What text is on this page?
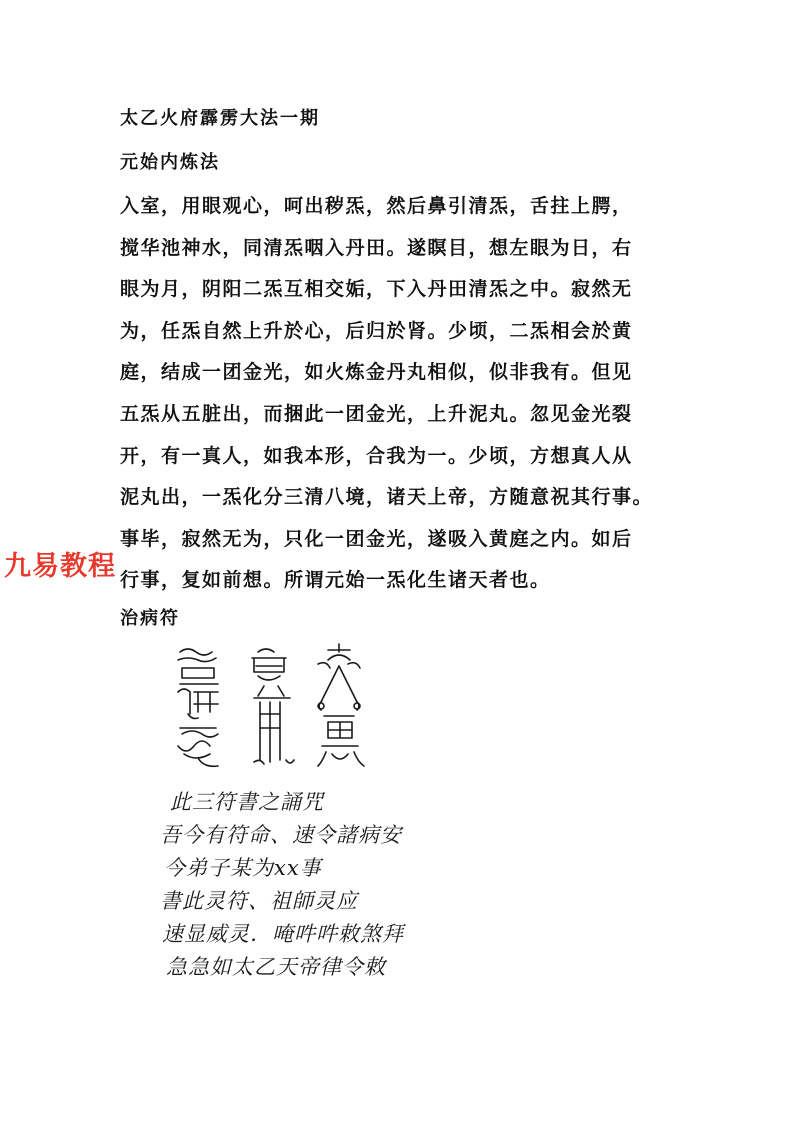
太乙火府霹雳大法一期
元始内炼法
入室，用眼观心，呵出秽炁，然后鼻引清炁，舌拄上腭，
搅华池神水，同清炁咽入丹田。遂瞑目，想左眼为日，右
眼为月，阴阳二炁互相交姤，下入丹田清炁之中。寂然无
为，任炁自然上升於心，后归於肾。少顷，二炁相会於黄
庭，结成一团金光，如火炼金丹丸相似，似非我有。但见
五炁从五脏出，而捆此一团金光，上升泥丸。忽见金光裂
开，有一真人，如我本形，合我为一。少顷，方想真人从
泥丸出，一炁化分三清八境，诸天上帝，方随意祝其行事。
事毕，寂然无为，只化一团金光，遂吸入黄庭之内。如后
行事，复如前想。所谓元始一炁化生诸天者也。
九易教程
治病符
此三符書之誦咒
吾今有符命、速令諸病安
今弟子某为xx事
書此灵符、祖師灵应
速显威灵．唵吽吽敕煞拜
急急如太乙天帝律令敕
